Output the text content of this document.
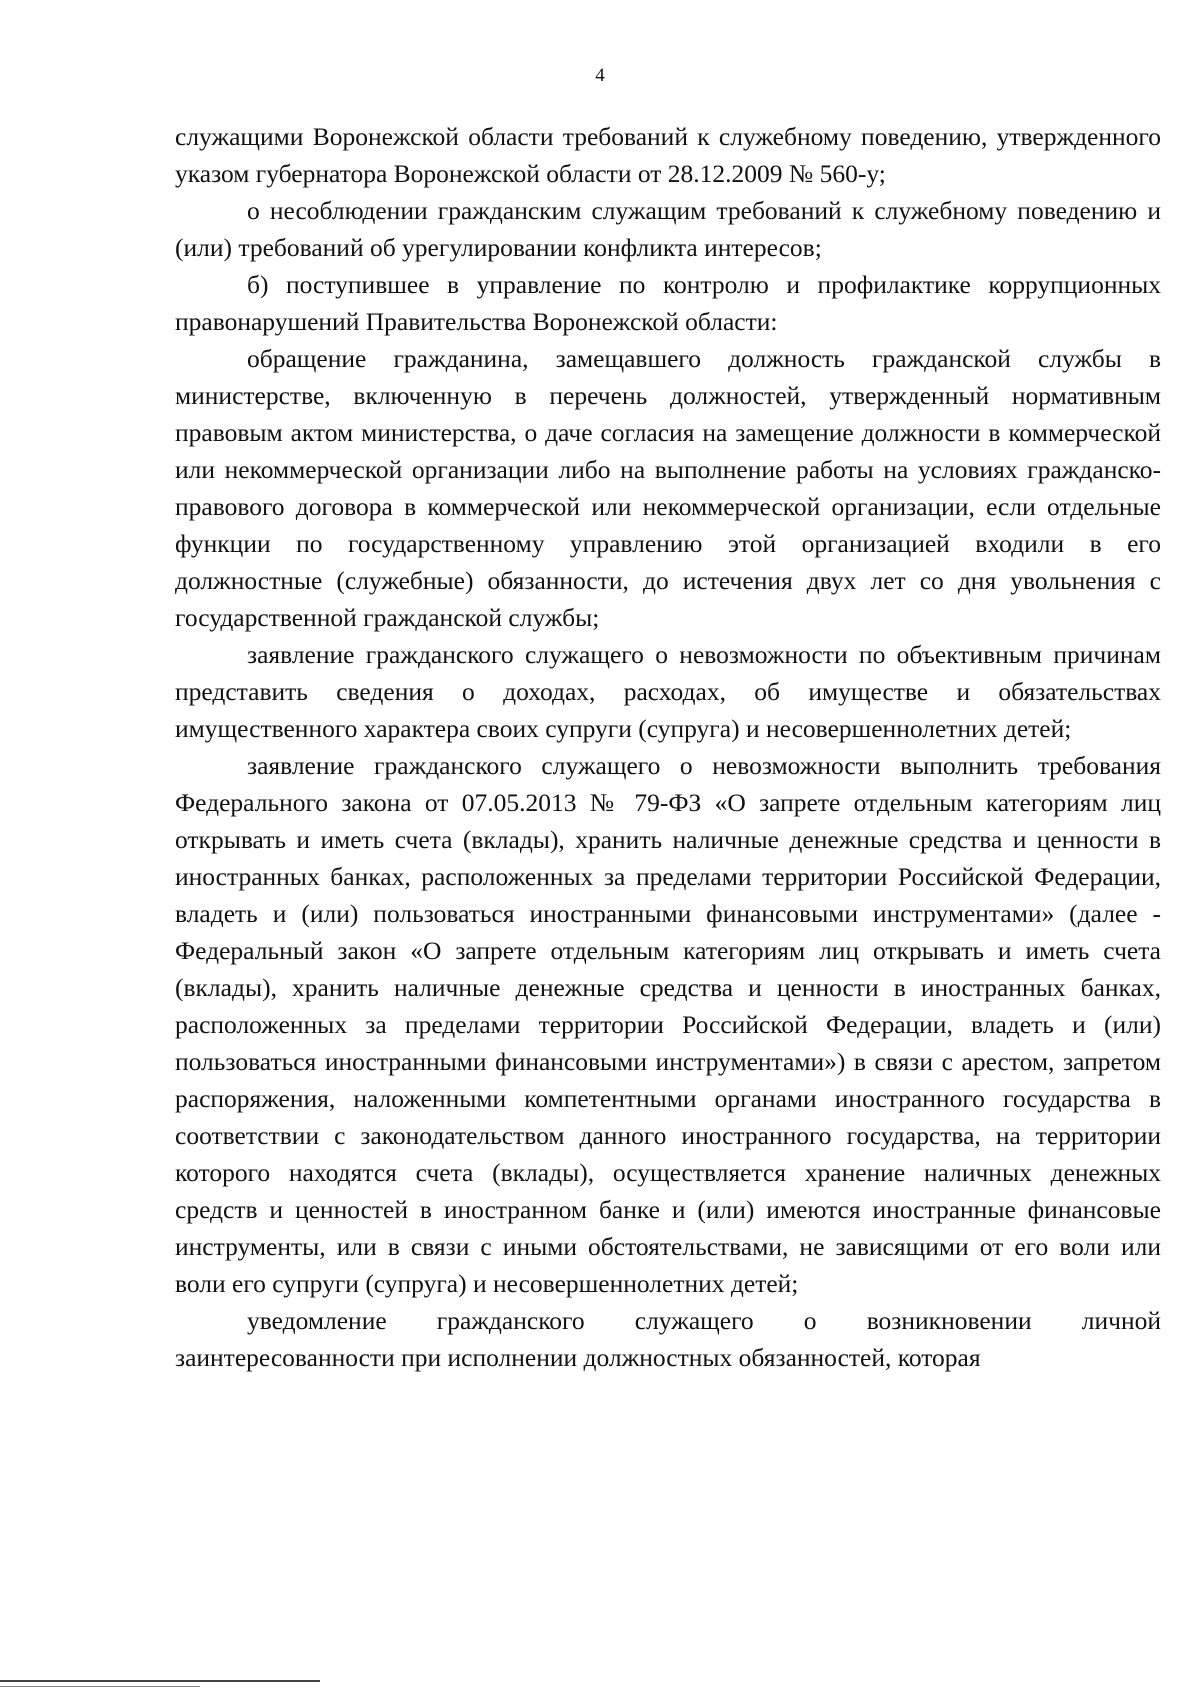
4

служащими Воронежской области требований к служебному поведению, утвержденного указом губернатора Воронежской области от 28.12.2009 № 560-у;

о несоблюдении гражданским служащим требований к служебному поведению и (или) требований об урегулировании конфликта интересов;

б) поступившее в управление по контролю и профилактике коррупционных правонарушений Правительства Воронежской области:

обращение гражданина, замещавшего должность гражданской службы в министерстве, включенную в перечень должностей, утвержденный нормативным правовым актом министерства, о даче согласия на замещение должности в коммерческой или некоммерческой организации либо на выполнение работы на условиях гражданско-правового договора в коммерческой или некоммерческой организации, если отдельные функции по государственному управлению этой организацией входили в его должностные (служебные) обязанности, до истечения двух лет со дня увольнения с государственной гражданской службы;

заявление гражданского служащего о невозможности по объективным причинам представить сведения о доходах, расходах, об имуществе и обязательствах имущественного характера своих супруги (супруга) и несовершеннолетних детей;

заявление гражданского служащего о невозможности выполнить требования Федерального закона от 07.05.2013 № 79-ФЗ «О запрете отдельным категориям лиц открывать и иметь счета (вклады), хранить наличные денежные средства и ценности в иностранных банках, расположенных за пределами территории Российской Федерации, владеть и (или) пользоваться иностранными финансовыми инструментами» (далее - Федеральный закон «О запрете отдельным категориям лиц открывать и иметь счета (вклады), хранить наличные денежные средства и ценности в иностранных банках, расположенных за пределами территории Российской Федерации, владеть и (или) пользоваться иностранными финансовыми инструментами») в связи с арестом, запретом распоряжения, наложенными компетентными органами иностранного государства в соответствии с законодательством данного иностранного государства, на территории которого находятся счета (вклады), осуществляется хранение наличных денежных средств и ценностей в иностранном банке и (или) имеются иностранные финансовые инструменты, или в связи с иными обстоятельствами, не зависящими от его воли или воли его супруги (супруга) и несовершеннолетних детей;

уведомление гражданского служащего о возникновении личной заинтересованности при исполнении должностных обязанностей, которая
